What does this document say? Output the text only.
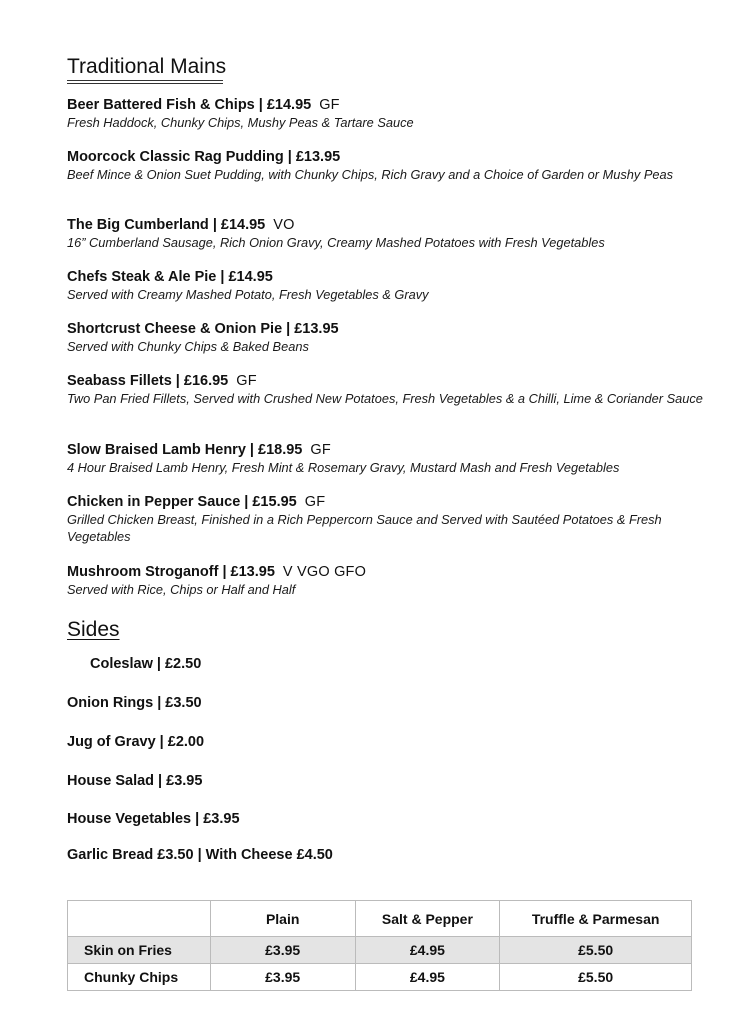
Traditional Mains
Beer Battered Fish & Chips | £14.95 GF
Fresh Haddock, Chunky Chips, Mushy Peas & Tartare Sauce
Moorcock Classic Rag Pudding | £13.95
Beef Mince & Onion Suet Pudding, with Chunky Chips, Rich Gravy and a Choice of Garden or Mushy Peas
The Big Cumberland | £14.95 VO
16” Cumberland Sausage, Rich Onion Gravy, Creamy Mashed Potatoes with Fresh Vegetables
Chefs Steak & Ale Pie | £14.95
Served with Creamy Mashed Potato, Fresh Vegetables & Gravy
Shortcrust Cheese & Onion Pie | £13.95
Served with Chunky Chips & Baked Beans
Seabass Fillets | £16.95 GF
Two Pan Fried Fillets, Served with Crushed New Potatoes, Fresh Vegetables & a Chilli, Lime & Coriander Sauce
Slow Braised Lamb Henry | £18.95 GF
4 Hour Braised Lamb Henry, Fresh Mint & Rosemary Gravy, Mustard Mash and Fresh Vegetables
Chicken in Pepper Sauce | £15.95 GF
Grilled Chicken Breast, Finished in a Rich Peppercorn Sauce and Served with Sautéed Potatoes & Fresh Vegetables
Mushroom Stroganoff | £13.95 V VGO GFO
Served with Rice, Chips or Half and Half
Sides
Coleslaw | £2.50
Onion Rings | £3.50
Jug of Gravy | £2.00
House Salad | £3.95
House Vegetables | £3.95
Garlic Bread £3.50 | With Cheese £4.50
	Plain	Salt & Pepper	Truffle & Parmesan
Skin on Fries	£3.95	£4.95	£5.50
Chunky Chips	£3.95	£4.95	£5.50
